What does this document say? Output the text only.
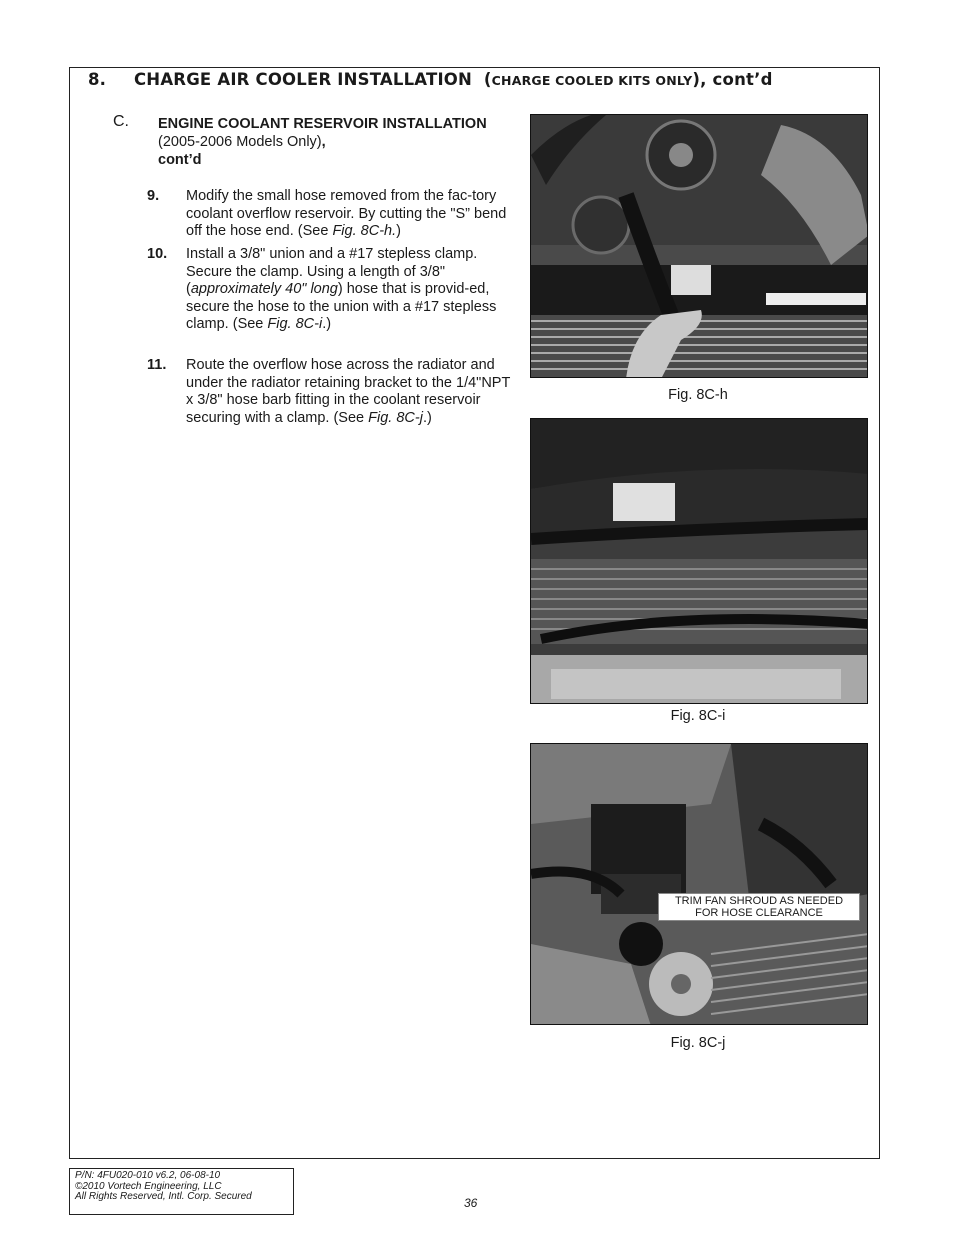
8. CHARGE AIR COOLER INSTALLATION (CHARGE COOLED KITS ONLY), cont’d
C. ENGINE COOLANT RESERVOIR INSTALLATION  (2005-2006 Models Only),
cont’d
9. Modify the small hose removed from the fac-tory coolant overflow reservoir. By cutting the "S” bend off the hose end. (See Fig. 8C-h.)
10. Install a 3/8" union and a #17 stepless clamp. Secure the clamp. Using a length of 3/8" (approximately 40" long) hose that is provid-ed, secure the hose to the union with a #17 stepless clamp. (See Fig. 8C-i.)
11. Route the overflow hose across the radiator and under the radiator retaining bracket to the 1/4"NPT x 3/8" hose barb fitting in the coolant reservoir securing with a clamp. (See Fig. 8C-j.)
Fig. 8C-h
Fig. 8C-i
TRIM FAN SHROUD AS NEEDED
FOR HOSE CLEARANCE
Fig. 8C-j
P/N: 4FU020-010 v6.2, 06-08-10
©2010 Vortech Engineering, LLC
All Rights Reserved, Intl. Corp. Secured	36
